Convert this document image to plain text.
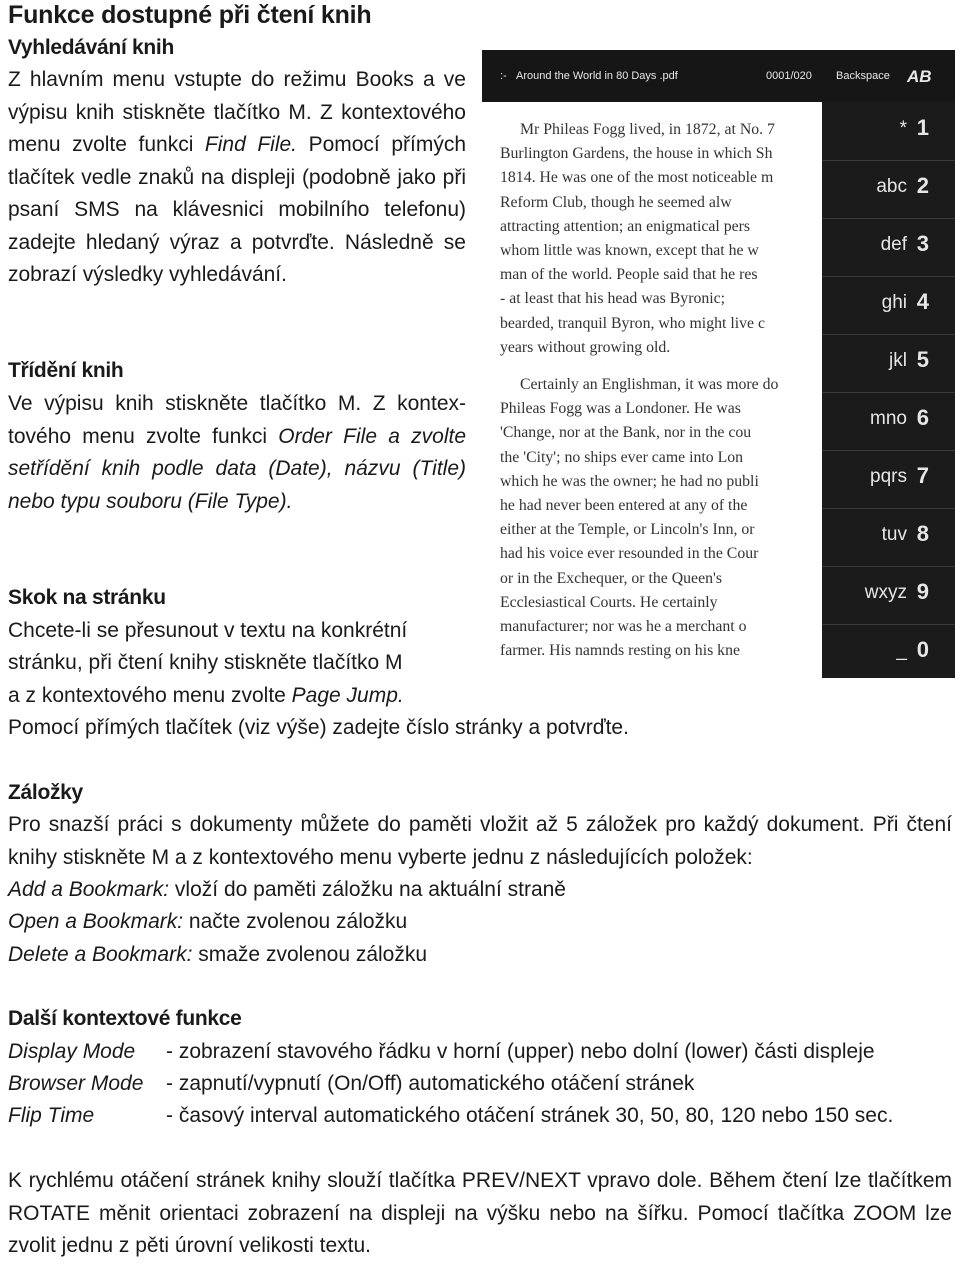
Funkce dostupné při čtení knih
Vyhledávání knih

Z hlavním menu vstupte do režimu Books a ve výpisu knih stiskněte tlačítko M. Z kontextového menu zvolte funkci Find File. Pomocí přímých tlačítek vedle znaků na displeji (podobně jako při psaní SMS na klávesnici mobilního telefonu) zadejte hledaný výraz a potvrďte. Následně se zobrazí výsledky vyhledávání.

Třídění knih

Ve výpisu knih stiskněte tlačítko M. Z kontex-tového menu zvolte funkci Order File a zvolte setřídění knih podle data (Date), názvu (Title) nebo typu souboru (File Type).

Skok na stránku

Chcete-li se přesunout v textu na konkrétní

stránku, při čtení knihy stiskněte tlačítko M

a z kontextového menu zvolte Page Jump.

Pomocí přímých tlačítek (viz výše) zadejte číslo stránky a potvrďte.

Záložky

Pro snazší práci s dokumenty můžete do paměti vložit až 5 záložek pro každý dokument. Při čtení knihy stiskněte M a z kontextového menu vyberte jednu z následujících položek:

Add a Bookmark: vloží do paměti záložku na aktuální straně

Open a Bookmark: načte zvolenou záložku

Delete a Bookmark: smaže zvolenou záložku

Další kontextové funkce

Display Mode - zobrazení stavového řádku v horní (upper) nebo dolní (lower) části displeje

Browser Mode - zapnutí/vypnutí (On/Off) automatického otáčení stránek

Flip Time	- časový interval automatického otáčení stránek 30, 50, 80, 120 nebo 150 sec.

K rychlému otáčení stránek knihy slouží tlačítka PREV/NEXT vpravo dole. Během čtení lze tlačítkem ROTATE měnit orientaci zobrazení na displeji na výšku nebo na šířku. Pomocí tlačítka ZOOM lze zvolit jednu z pěti úrovní velikosti textu.

:- Around the World in 80 Days .pdf	0001/020 Backspace AB
Mr Phileas Fogg lived, in 1872, at No. 7
Burlington Gardens, the house in which Sh
1814. He was one of the most noticeable m
Reform Club, though he seemed alw
attracting attention; an enigmatical pers
whom little was known, except that he w
man of the world. People said that he res
- at least that his head was Byronic;
bearded, tranquil Byron, who might live c
years without growing old.
Certainly an Englishman, it was more do
Phileas Fogg was a Londoner. He was
'Change, nor at the Bank, nor in the cou
the 'City'; no ships ever came into Lon
which he was the owner; he had no publi
he had never been entered at any of the
either at the Temple, or Lincoln's Inn, or
had his voice ever resounded in the Cour
or in the Exchequer, or the Queen's
Ecclesiastical Courts. He certainly
manufacturer; nor was he a merchant o
farmer. His namnds resting on his kne
* 1
abc 2
def 3
ghi 4
jkl 5
mno 6
pqrs 7
tuv 8
wxyz 9
_ 0
